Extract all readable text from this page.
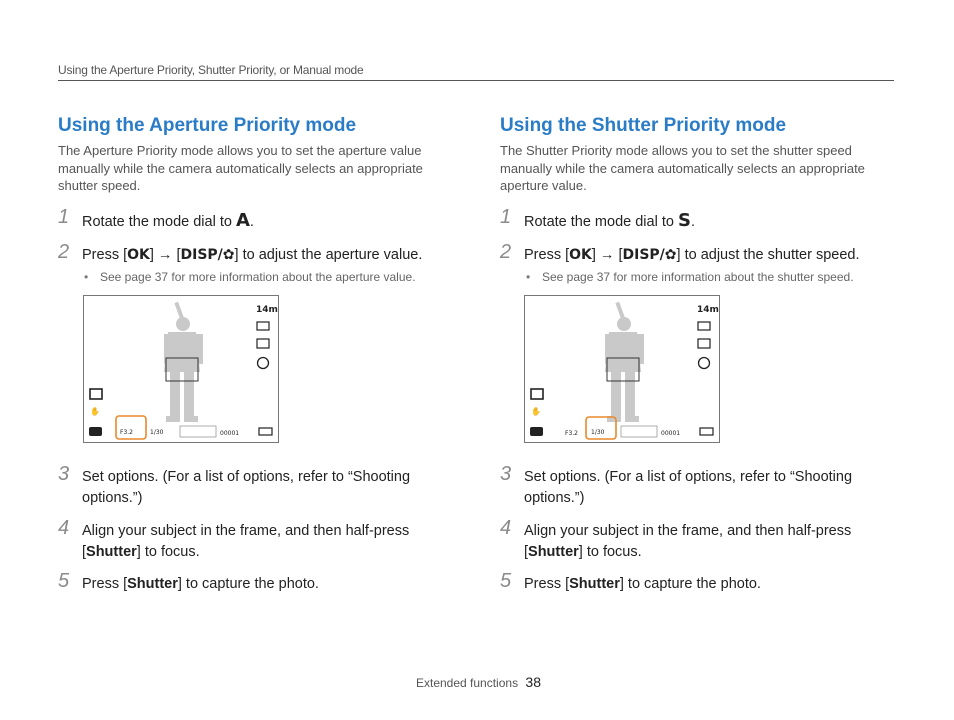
Using the Aperture Priority, Shutter Priority, or Manual mode
Using the Aperture Priority mode
The Aperture Priority mode allows you to set the aperture value manually while the camera automatically selects an appropriate shutter speed.
1 Rotate the mode dial to A.
2 Press [OK] → [DISP/✿] to adjust the aperture value.
• See page 37 for more information about the aperture value.
Using the Shutter Priority mode
The Shutter Priority mode allows you to set the shutter speed manually while the camera automatically selects an appropriate aperture value.
1 Rotate the mode dial to S.
2 Press [OK] → [DISP/✿] to adjust the shutter speed.
• See page 37 for more information about the shutter speed.
14m
✋
F3.2	1/30	00001
14m
✋
F3.2 1/30	00001
3 Set options. (For a list of options, refer to “Shooting options.”)
4 Align your subject in the frame, and then half-press [Shutter] to focus.
5 Press [Shutter] to capture the photo.
3 Set options. (For a list of options, refer to “Shooting options.”)
4 Align your subject in the frame, and then half-press [Shutter] to focus.
5 Press [Shutter] to capture the photo.
Extended functions 38
